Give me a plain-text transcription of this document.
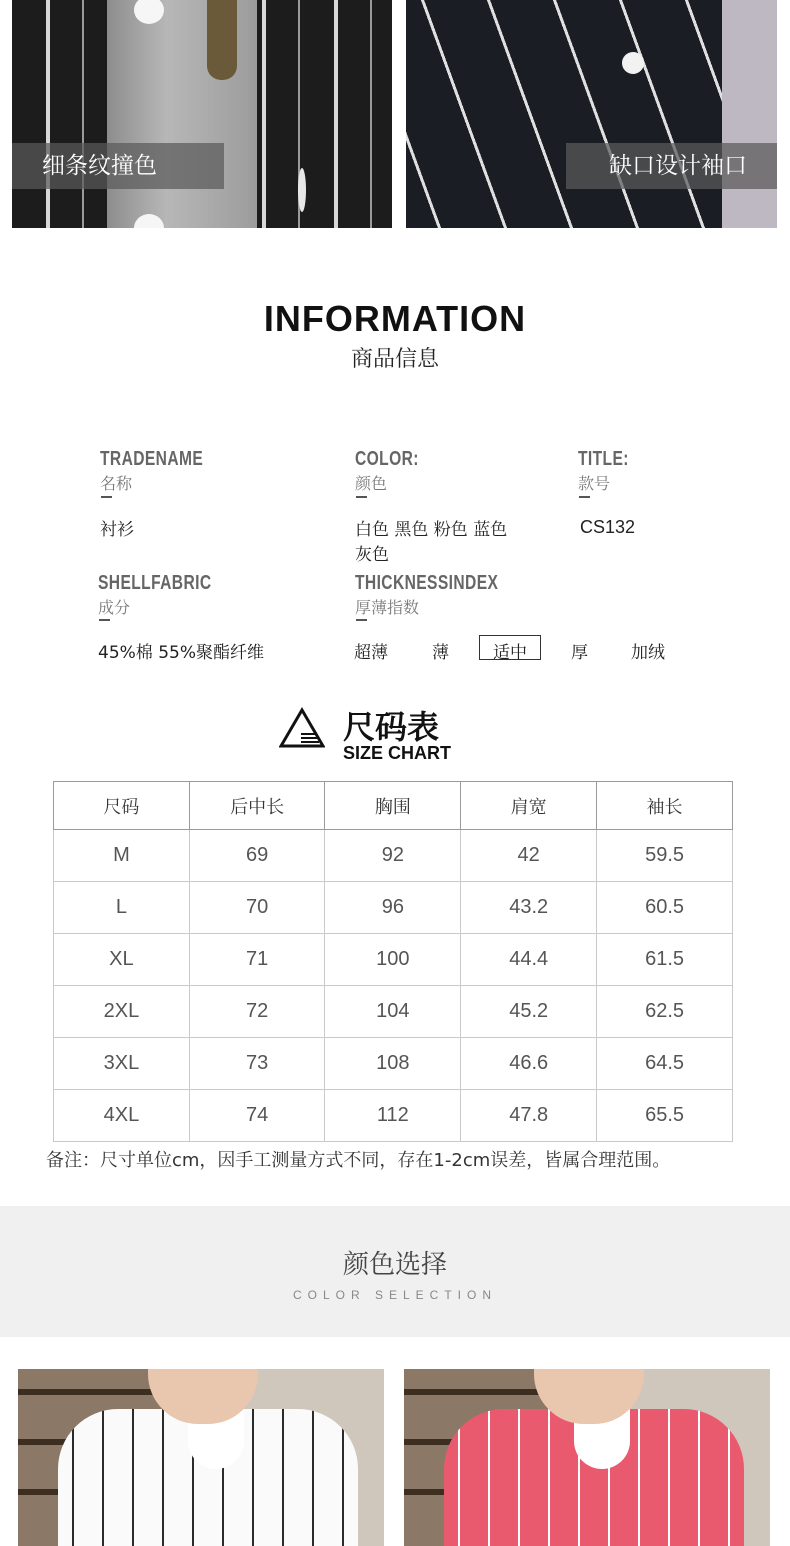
细条纹撞色	缺口设计袖口
INFORMATION
商品信息
TRADENAME
名称
衬衫
COLOR:
颜色
白色 黑色 粉色 蓝色
灰色
TITLE:
款号
CS132
SHELLFABRIC
成分
45%棉 55%聚酯纤维
THICKNESSINDEX
厚薄指数
超薄	薄	适中	厚	加绒
尺码表
SIZE CHART
尺码	后中长	胸围	肩宽	袖长
M	69	92	42	59.5
L	70	96	43.2	60.5
XL	71	100	44.4	61.5
2XL	72	104	45.2	62.5
3XL	73	108	46.6	64.5
4XL	74	112	47.8	65.5
备注：尺寸单位cm，因手工测量方式不同，存在1-2cm误差，皆属合理范围。
颜色选择
COLOR SELECTION
